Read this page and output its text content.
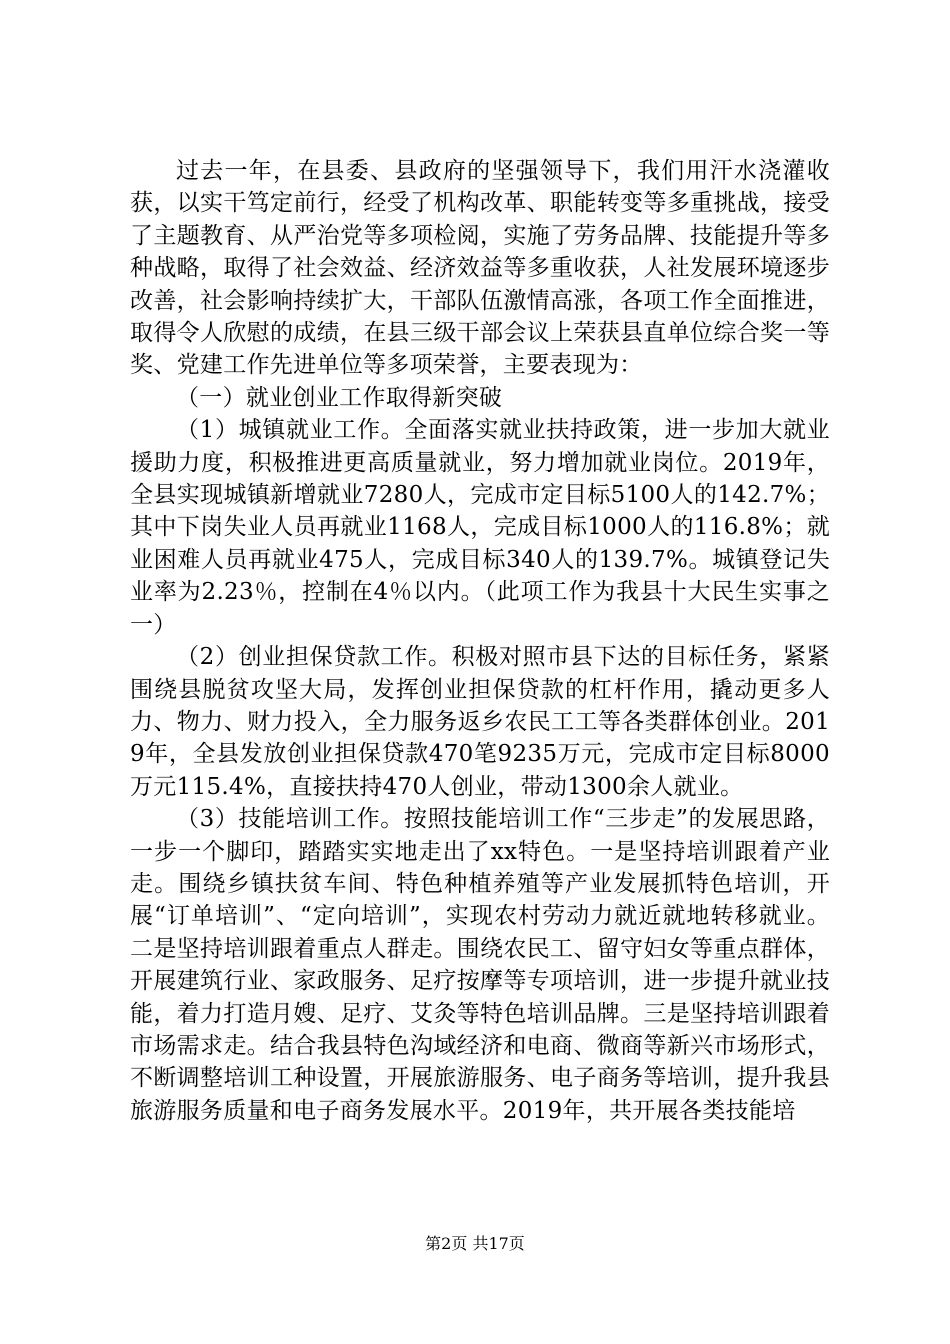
过去一年，在县委、县政府的坚强领导下，我们用汗水浇灌收获，以实干笃定前行，经受了机构改革、职能转变等多重挑战，接受了主题教育、从严治党等多项检阅，实施了劳务品牌、技能提升等多种战略，取得了社会效益、经济效益等多重收获，人社发展环境逐步改善，社会影响持续扩大，干部队伍激情高涨，各项工作全面推进，取得令人欣慰的成绩，在县三级干部会议上荣获县直单位综合奖一等奖、党建工作先进单位等多项荣誉，主要表现为：

（一）就业创业工作取得新突破

（1）城镇就业工作。全面落实就业扶持政策，进一步加大就业援助力度，积极推进更高质量就业，努力增加就业岗位。2019年，全县实现城镇新增就业7280人，完成市定目标5100人的142.7%；其中下岗失业人员再就业1168人，完成目标1000人的116.8%；就业困难人员再就业475人，完成目标340人的139.7%。城镇登记失业率为2.23％，控制在4％以内。（此项工作为我县十大民生实事之一）

（2）创业担保贷款工作。积极对照市县下达的目标任务，紧紧围绕县脱贫攻坚大局，发挥创业担保贷款的杠杆作用，撬动更多人力、物力、财力投入，全力服务返乡农民工工等各类群体创业。2019年，全县发放创业担保贷款470笔9235万元，完成市定目标8000万元115.4%，直接扶持470人创业，带动1300余人就业。

（3）技能培训工作。按照技能培训工作“三步走”的发展思路，一步一个脚印，踏踏实实地走出了xx特色。一是坚持培训跟着产业走。围绕乡镇扶贫车间、特色种植养殖等产业发展抓特色培训，开展“订单培训”、“定向培训”，实现农村劳动力就近就地转移就业。二是坚持培训跟着重点人群走。围绕农民工、留守妇女等重点群体，开展建筑行业、家政服务、足疗按摩等专项培训，进一步提升就业技能，着力打造月嫂、足疗、艾灸等特色培训品牌。三是坚持培训跟着市场需求走。结合我县特色沟域经济和电商、微商等新兴市场形式，不断调整培训工种设置，开展旅游服务、电子商务等培训，提升我县旅游服务质量和电子商务发展水平。2019年，共开展各类技能培

第2页 共17页
